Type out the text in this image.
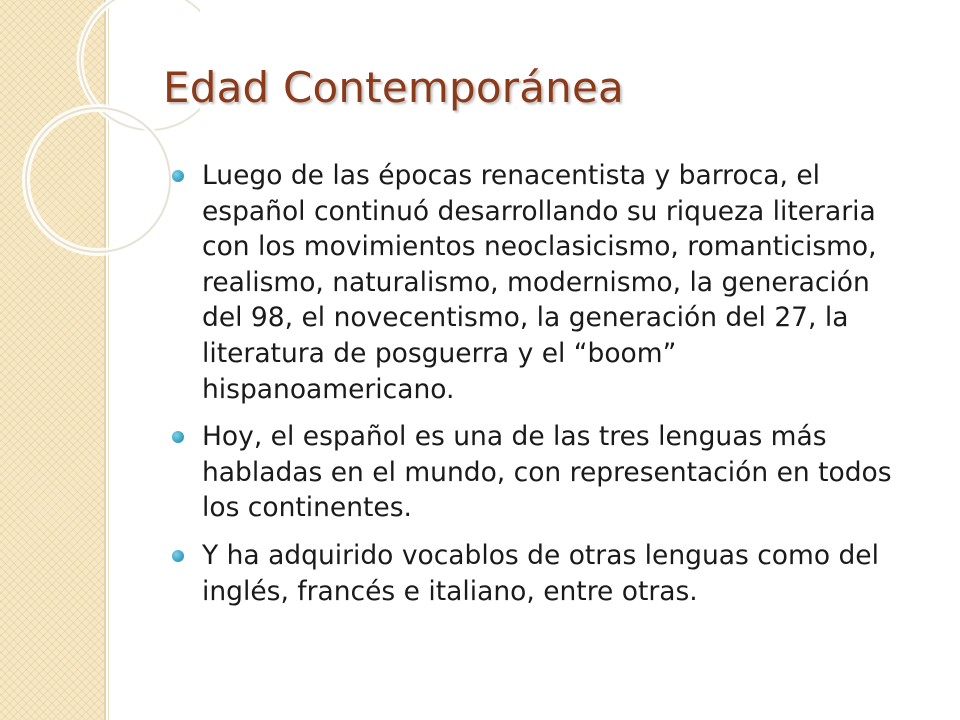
Edad Contemporánea
Luego de las épocas renacentista y barroca, el español continuó desarrollando su riqueza literaria con los movimientos neoclasicismo, romanticismo, realismo, naturalismo, modernismo, la generación del 98, el novecentismo, la generación del 27, la literatura de posguerra y el “boom” hispanoamericano.
Hoy, el español es una de las tres lenguas más habladas en el mundo, con representación en todos los continentes.
Y ha adquirido vocablos de otras lenguas como del inglés, francés e italiano, entre otras.
